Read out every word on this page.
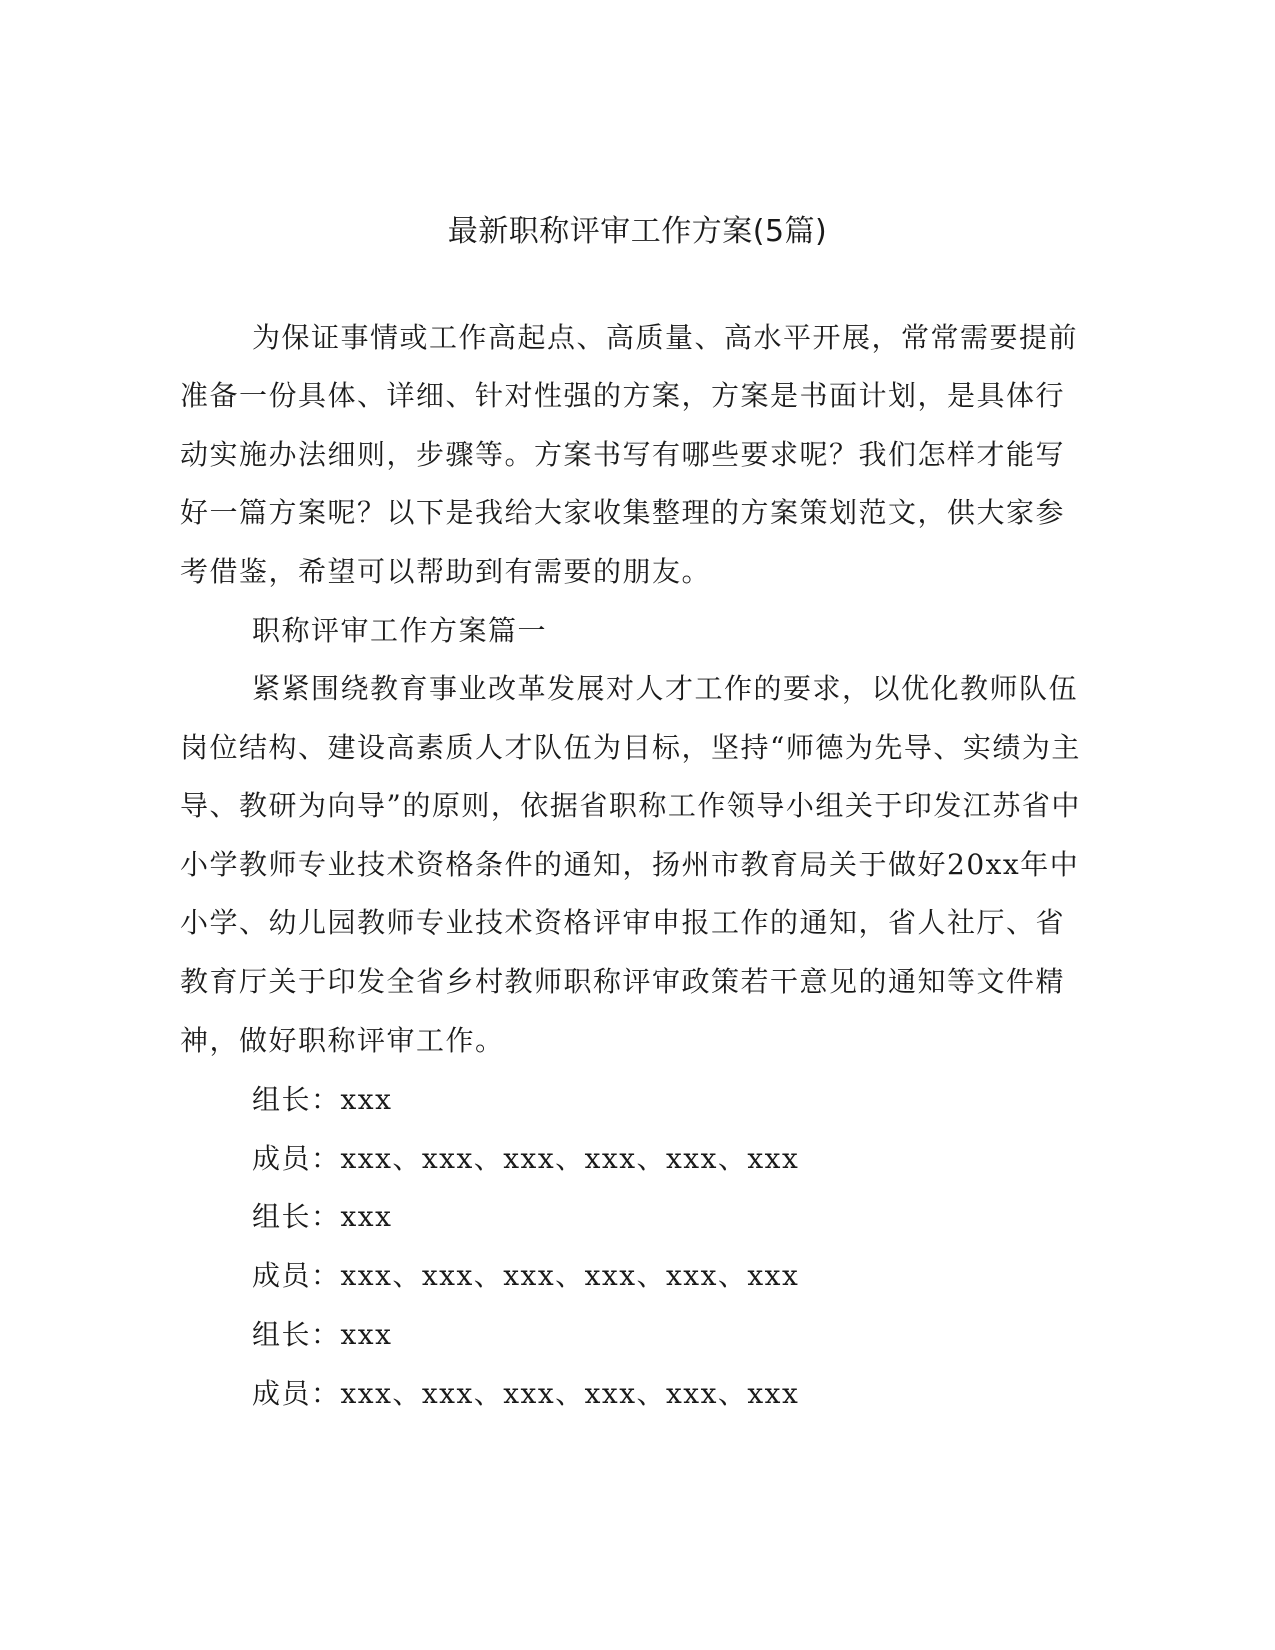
最新职称评审工作方案(5篇)
为保证事情或工作高起点、高质量、高水平开展，常常需要提前
准备一份具体、详细、针对性强的方案，方案是书面计划，是具体行
动实施办法细则，步骤等。方案书写有哪些要求呢？我们怎样才能写
好一篇方案呢？以下是我给大家收集整理的方案策划范文，供大家参
考借鉴，希望可以帮助到有需要的朋友。
职称评审工作方案篇一
紧紧围绕教育事业改革发展对人才工作的要求，以优化教师队伍
岗位结构、建设高素质人才队伍为目标，坚持“师德为先导、实绩为主
导、教研为向导”的原则，依据省职称工作领导小组关于印发江苏省中
小学教师专业技术资格条件的通知，扬州市教育局关于做好20xx年中
小学、幼儿园教师专业技术资格评审申报工作的通知，省人社厅、省
教育厅关于印发全省乡村教师职称评审政策若干意见的通知等文件精
神，做好职称评审工作。
组长：xxx
成员：xxx、xxx、xxx、xxx、xxx、xxx
组长：xxx
成员：xxx、xxx、xxx、xxx、xxx、xxx
组长：xxx
成员：xxx、xxx、xxx、xxx、xxx、xxx
